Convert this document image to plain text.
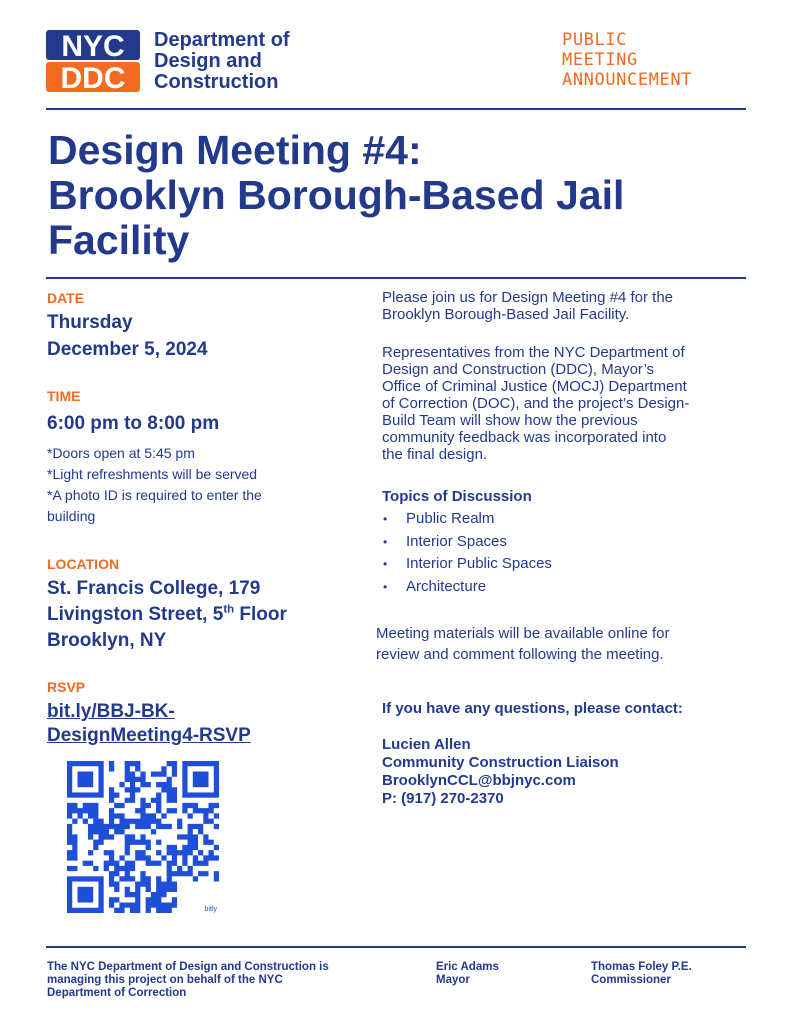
NYC
DDC
Department of
Design and
Construction
PUBLIC
MEETING
ANNOUNCEMENT
Design Meeting #4:
Brooklyn Borough-Based Jail
Facility
DATE
Thursday
December 5, 2024
TIME
6:00 pm to 8:00 pm
*Doors open at 5:45 pm
*Light refreshments will be served
*A photo ID is required to enter the
building
LOCATION
St. Francis College, 179
Livingston Street, 5th Floor
Brooklyn, NY
RSVP
bit.ly/BBJ-BK-
DesignMeeting4-RSVP
bitly
Please join us for Design Meeting #4 for the
Brooklyn Borough-Based Jail Facility.
Representatives from the NYC Department of
Design and Construction (DDC), Mayor’s
Office of Criminal Justice (MOCJ) Department
of Correction (DOC), and the project’s Design-
Build Team will show how the previous
community feedback was incorporated into
the final design.
Topics of Discussion
• Public Realm
• Interior Spaces
• Interior Public Spaces
• Architecture
Meeting materials will be available online for
review and comment following the meeting.
If you have any questions, please contact:
Lucien Allen
Community Construction Liaison
BrooklynCCL@bbjnyc.com
P: (917) 270-2370
The NYC Department of Design and Construction is
managing this project on behalf of the NYC
Department of Correction
Eric Adams
Mayor
Thomas Foley P.E.
Commissioner
